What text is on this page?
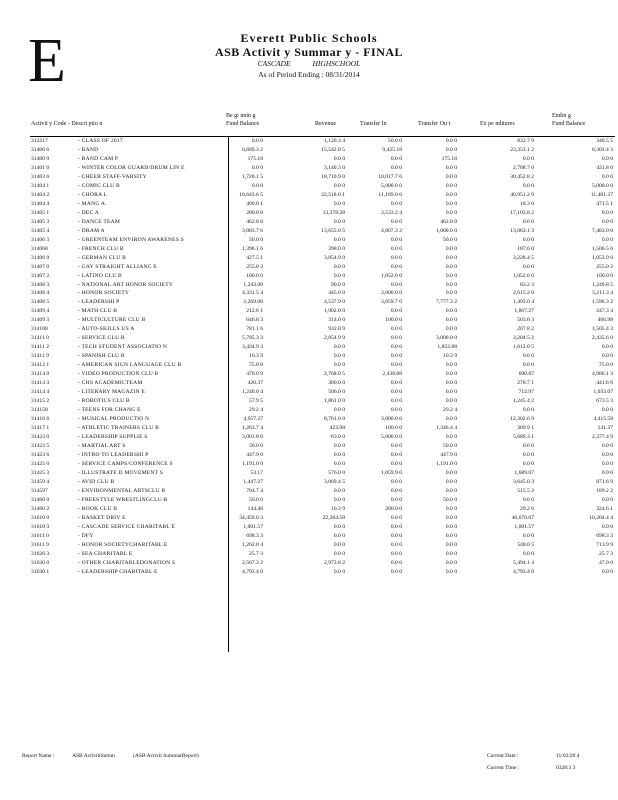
E	Everett Public Schools
ASB Activit y Summar y - FINAL
CASCADE	HIGHSCHOOL
As of Period Ending : 08/31/2014
Activit y Code - Descri ptio n
Be gi nnin g
Fund Balance	Revenue	Transfer In	Transfer Ou t	Ex pe nditures
Endin g
Fund Balance
312217	- CLASS OF 2017	0.0 0	1,120.3 4	50.0 0	0.0 0	832.7 9	348.5 5
31400 6	- BAND	6,689.3 2	15,542.0 5	9,425.18	0.0 0	23,353.1 2	8,303.4 3
31400 9	- BAND CAM P	175.18	0.0 0	0.0 0	175.18	0.0 0	0.0 0
31401 0	- WINTER COLOR GUARD/DRUM LIN E	0.0 0	3,140.3 0	0.0 0	0.0 0	2,708.7 0	431.8 0
31403 6	- CHEER STAFF-VARSITY	1,720.1 5	18,710.9 0	10,017.7 6	0.0 0	30,452.8 2	0.0 0
31404 1	- COMIC CLU B	0.0 0	0.0 0	5,000.0 0	0.0 0	0.0 0	5,000.0 0
31404 2	- CHORA L	18,643.6 5	22,518.0 1	11,189.0 0	0.0 0	40,951.2 9	11,401.37
31404 4	- MANG A	490.0 1	0.0 0	0.0 0	0.0 0	18.3 0	471.5 1
31405 1	- DEC A	200.0 0	13,378.28	3,533.2 4	0.0 0	17,103.8 2	8.0 0
31405 3	- DANCE TEAM	462.8 0	0.0 0	0.0 0	462.8 0	0.0 0	0.0 0
31405 4	- DRAM A	3,083.7 6	13,655.0 5	4,807.3 2	1,000.0 0	13,063.1 3	7,483.0 0
31406 3	- GREENTEAM ENVIRON AWARENES S	50.0 0	0.0 0	0.0 0	50.0 0	0.0 0	0.0 0
314068	- FRENCH CLU B	1,396.1 6	398.0 0	0.0 0	0.0 0	187.6 0	1,506.5 6
31406 9	- GERMAN CLU B	427.5 1	3,854.9 0	0.0 0	0.0 0	3,228.4 5	1,053.9 6
31407 0	- GAY STRAIGHT ALLIANC E	255.0 2	0.0 0	0.0 0	0.0 0	0.0 0	255.0 2
31407 2	- LATINO CLU B	100.0 0	0.0 0	1,052.0 0	0.0 0	1,052.0 0	100.0 0
31408 3	- NATIONAL ART HONOR SOCIETY	1,243.08	90.0 0	0.0 0	0.0 0	83.2 3	1,249.8 5
31408 4	- HONOR SOCIETY	4,331.5 4	445.0 0	3,000.0 0	0.0 0	2,615.2 0	5,211.3 4
31408 5	- LEADERSHI P	3,269.08	4,537.9 0	3,059.7 0	7,777.3 2	1,493.0 4	1,596.3 2
31409 4	- MATH CLU B	212.6 1	1,902.0 0	0.0 0	0.0 0	1,867.27	247.3 4
31409 3	- MULTICULTURE CLU B	646.8 3	314.0 0	100.0 0	0.0 0	503.6 3	466.98
314108	- AUTO-SKILLS US A	781.1 6	932.0 9	0.0 0	0.0 0	207.8 2	1,505.4 3
31411 0	- SERVICE CLU B	5,785.3 3	2,854.9 9	0.0 0	3,000.0 0	3,204.5 2	2,435.6 0
31411 2	- TECH STUDENT ASSOCIATIO N	3,434.9 3	0.0 0	0.0 0	1,822.88	1,612.0 5	0.0 0
31411 9	- SPANISH CLU B	10.3 9	0.0 0	0.0 0	10.3 9	0.0 0	0.0 0
31412 1	- AMERICAN SIGN LANGUAGE CLU B	75.0 0	0.0 0	0.0 0	0.0 0	0.0 0	75.0 0
31414 0	- VIDEO PRODUCTION CLU B	470.0 9	2,768.0 5	2,438.88	0.0 0	690.87	4,986.1 3
31414 3	- CHS ACADEMICTEAM	420.37	300.0 0	0.0 0	0.0 0	278.7 1	441.6 6
31414 4	- LITERARY MAGAZIN E	1,240.0 4	506.0 0	0.0 0	0.0 0	712.97	1,033.07
31415 2	- ROBOTICS CLU B	57.9 5	1,861.0 0	0.0 0	0.0 0	1,245.4 2	673.5 3
314158	- TEENS FOR CHANG E	29.2 4	0.0 0	0.0 0	29.2 4	0.0 0	0.0 0
31416 6	- MUSICAL PRODUCTIO N	4,957.27	8,761.0 0	3,000.0 0	0.0 0	12,302.6 9	4,415.58
31417 1	- ATHLETIC TRAINERS CLU B	1,263.7 4	423.98	100.0 0	1,346.4 4	309.9 1	141.37
31423 0	- LEADERSHIP SUPPLIE S	3,001.8 0	63.0 0	5,000.0 0	0.0 0	5,689.3 1	2,377.4 9
31423 5	- MARTIAL ART S	50.0 0	0.0 0	0.0 0	50.0 0	0.0 0	0.0 0
31423 6	- INTRO TO LEADERSHI P	447.9 0	0.0 0	0.0 0	447.9 0	0.0 0	0.0 0
31425 0	- SERVICE CAMPS/CONFERENCE S	1,191.0 0	0.0 0	0.0 0	1,191.0 0	0.0 0	0.0 0
31425 3	- ILLUSTRATE D MOVEMENT S	53.17	576.0 0	1,059.9 0	0.0 0	1,689.07	0.0 0
31459 4	- AVID CLU B	1,447.27	3,069.4 5	0.0 0	0.0 0	3,645.0 3	871.6 9
314597	- ENVIRONMENTAL ARTSCLU B	704.7 4	0.0 0	0.0 0	0.0 0	515.5 2	189.2 2
31460 0	- FREESTYLE WRESTLINGCLU B	50.0 0	0.0 0	0.0 0	50.0 0	0.0 0	0.0 0
31460 2	- BOOK CLU B	144.48	10.3 9	200.0 0	0.0 0	29.2 6	324.6 1
31610 0	- BASKET DRIV E	34,459.0 3	22,284.58	0.0 0	0.0 0	46,670.07	10,204.4 4
31610 3	- CASCADE SERVICE CHARITABL E	1,001.57	0.0 0	0.0 0	0.0 0	1,001.57	0.0 0
31611 0	- DFY	698.3 3	0.0 0	0.0 0	0.0 0	0.0 0	698.3 3
31611 9	- HONOR SOCIETYCHARITABL E	1,262.0 4	0.0 0	0.0 0	0.0 0	548.0 5	713.9 9
31626 3	- SEA CHARITABL E	25.7 3	0.0 0	0.0 0	0.0 0	0.0 0	25.7 3
31630 0	- OTHER CHARITABLEDONATION S	2,567.3 2	2,973.8 2	0.0 0	0.0 0	5,494.1 4	47.0 0
31630 1	- LEADERSHIP CHARITABL E	4,793.4 0	0.0 0	0.0 0	0.0 0	4,793.4 0	0.0 0
Report Name :	ASB ActivitiSumm	(ASB Activit SummarReport)	Current Date :	11/02/20 4
Current Time :	0328:3 3
